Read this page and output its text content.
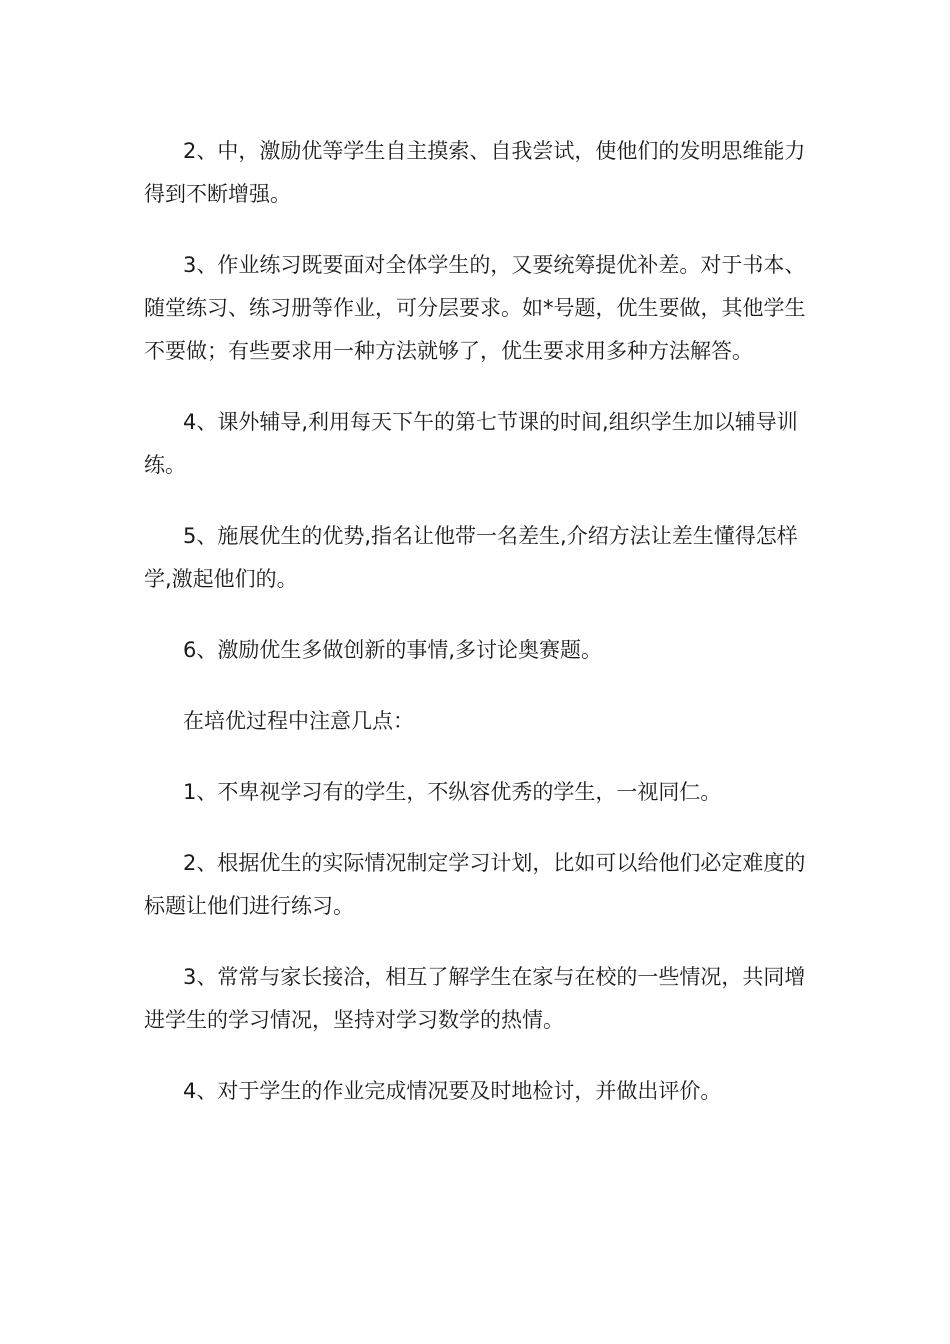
2、中，激励优等学生自主摸索、自我尝试，使他们的发明思维能力得到不断增强。

3、作业练习既要面对全体学生的，又要统筹提优补差。对于书本、随堂练习、练习册等作业，可分层要求。如*号题，优生要做，其他学生不要做；有些要求用一种方法就够了，优生要求用多种方法解答。

4、课外辅导,利用每天下午的第七节课的时间,组织学生加以辅导训练。

5、施展优生的优势,指名让他带一名差生,介绍方法让差生懂得怎样学,激起他们的。

6、激励优生多做创新的事情,多讨论奥赛题。

在培优过程中注意几点：

1、不卑视学习有的学生，不纵容优秀的学生，一视同仁。

2、根据优生的实际情况制定学习计划，比如可以给他们必定难度的标题让他们进行练习。

3、常常与家长接洽，相互了解学生在家与在校的一些情况，共同增进学生的学习情况，坚持对学习数学的热情。

4、对于学生的作业完成情况要及时地检讨，并做出评价。
